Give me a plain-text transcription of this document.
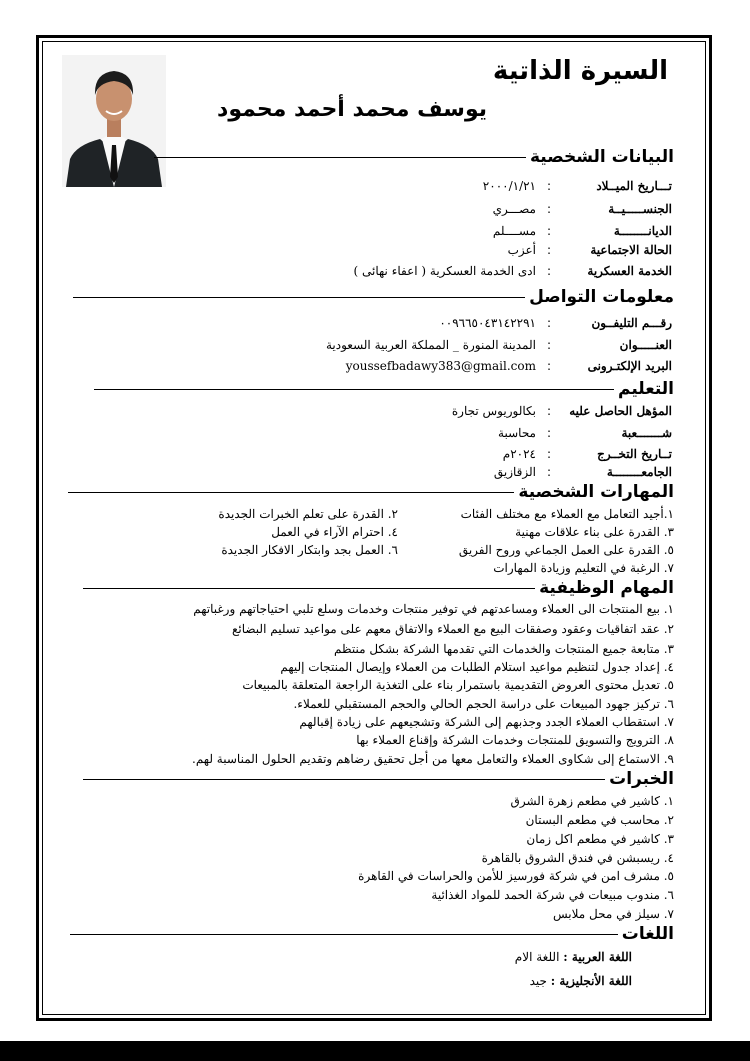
السيرة الذاتية
يوسف محمد أحمد محمود
البيانات الشخصية
تـــاريخ الميــلاد
:
٢٠٠٠/١/٢١
الجنســـــيــة
:
مصـــري
الديانــــــــة
:
مســــلم
الحالة الاجتماعية
:
أعزب
الخدمة العسكرية
:
ادى الخدمة العسكرية ( اعفاء نهائى )
معلومات التواصل
رقـــم التليفــون
:
٠٠٩٦٦٥٠٤٣١٤٢٢٩١
العنـــــوان
:
المدينة المنورة _ المملكة العربية السعودية
البريد الإلكتـرونى
:
youssefbadawy383@gmail.com
التعليم
المؤهل الحاصل عليه
:
بكالوريوس تجارة
شـــــــعبة
:
محاسبة
تــاريخ التخــرج
:
٢٠٢٤م
الجامعــــــــة
:
الزقازيق
المهارات الشخصية
١.أجيد التعامل مع العملاء مع مختلف الفئات
٢. القدرة على تعلم الخبرات الجديدة
٣. القدرة على بناء علاقات مهنية
٤. احترام الآراء في العمل
٥. القدرة على العمل الجماعي وروح الفريق
٦. العمل بجد وابتكار الافكار الجديدة
٧. الرغبة في التعليم وزيادة المهارات
المهام الوظيفية
١. بيع المنتجات الى العملاء ومساعدتهم في توفير منتجات وخدمات وسلع تلبي احتياجاتهم ورغباتهم
٢. عقد اتفاقيات وعقود وصفقات البيع مع العملاء والاتفاق معهم على مواعيد تسليم البضائع
٣. متابعة جميع المنتجات والخدمات التي تقدمها الشركة بشكل منتظم
٤. إعداد جدول لتنظيم مواعيد استلام الطلبات من العملاء وإيصال المنتجات إليهم
٥. تعديل محتوى العروض التقديمية باستمرار بناء على التغذية الراجعة المتعلقة بالمبيعات
٦. تركيز جهود المبيعات على دراسة الحجم الحالي والحجم المستقبلي للعملاء.
٧. استقطاب العملاء الجدد وجذبهم إلى الشركة وتشجيعهم على زيادة إقبالهم
٨. الترويج والتسويق للمنتجات وخدمات الشركة وإقناع العملاء بها
٩. الاستماع إلى شكاوى العملاء والتعامل معها من أجل تحقيق رضاهم وتقديم الحلول المناسبة لهم.
الخبرات
١. كاشير في مطعم زهرة الشرق
٢. محاسب في مطعم البستان
٣. كاشير في مطعم اكل زمان
٤. ريسبشن في فندق الشروق بالقاهرة
٥. مشرف امن في شركة فورسيز للأمن والحراسات في القاهرة
٦. مندوب مبيعات في شركة الحمد للمواد الغذائية
٧. سيلز في محل ملابس
اللغات
اللغة العربية : اللغة الام
اللغة الأنجليزية : جيد
